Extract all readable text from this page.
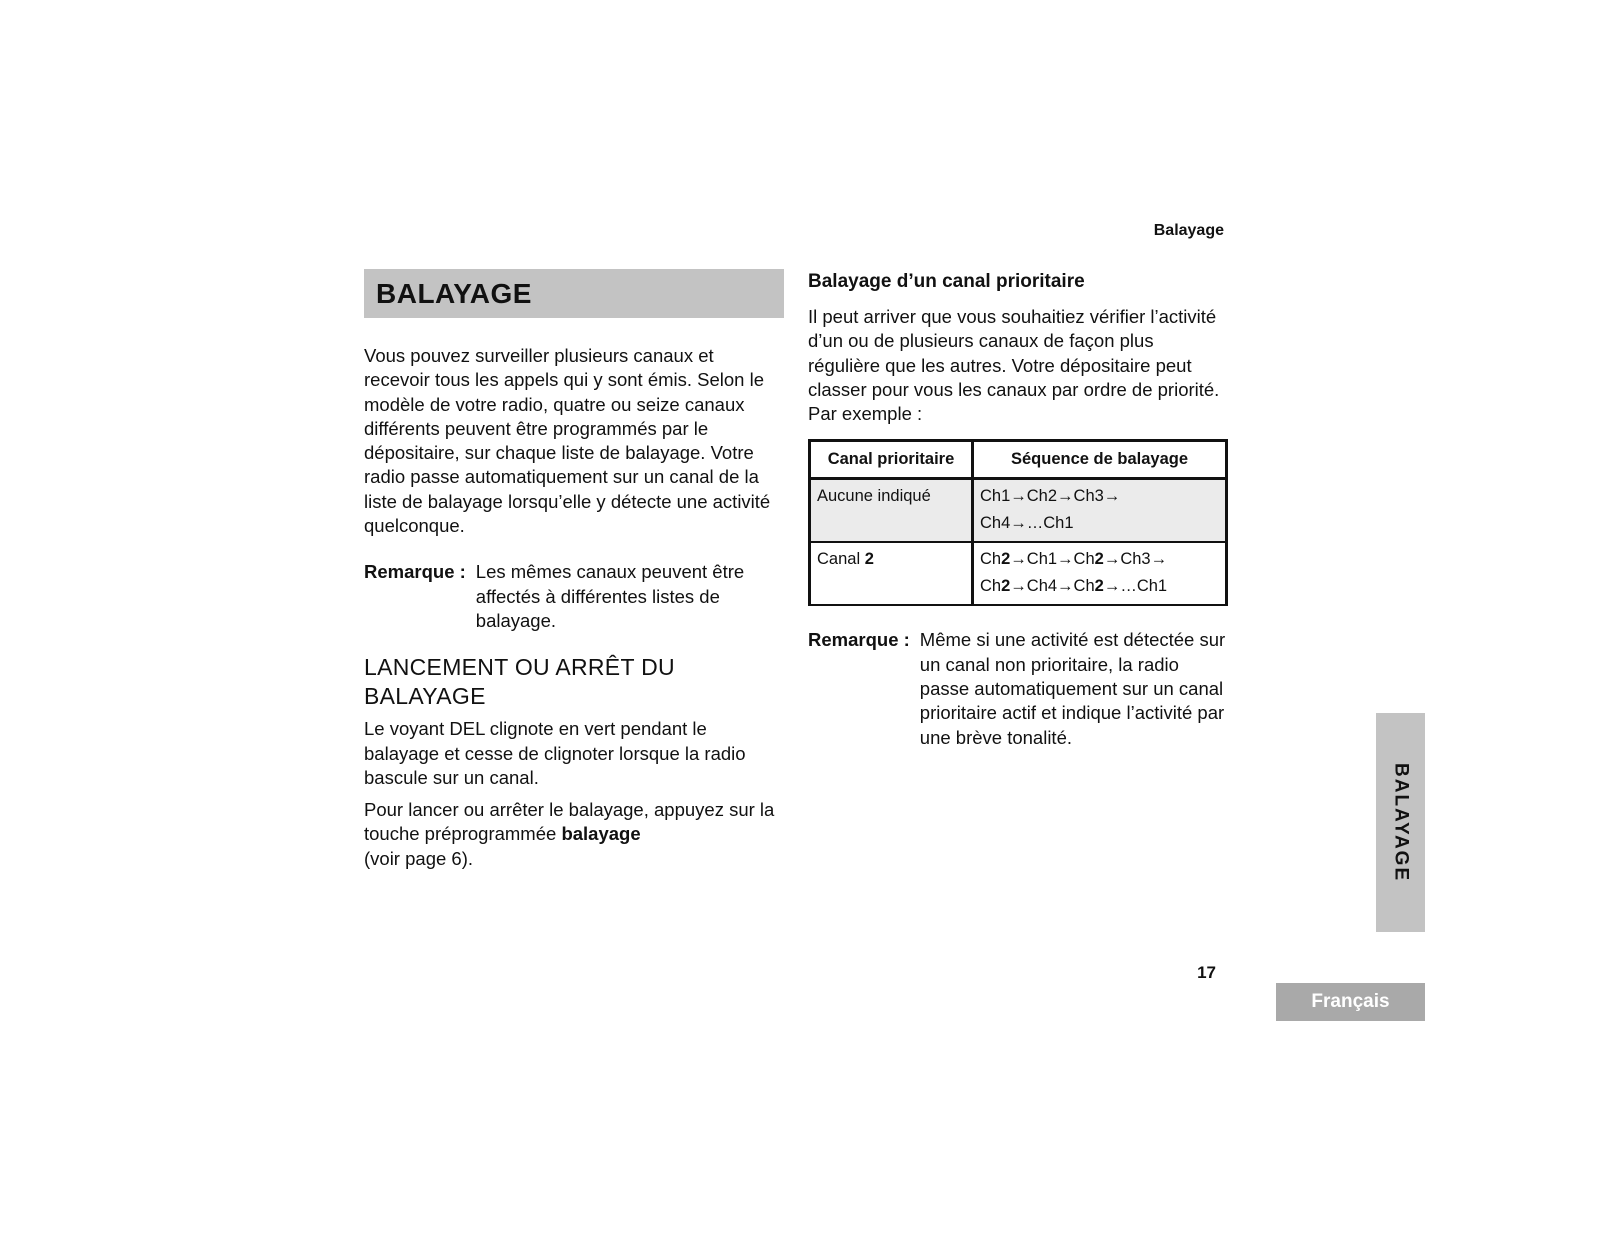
Balayage
BALAYAGE

Vous pouvez surveiller plusieurs canaux et recevoir tous les appels qui y sont émis. Selon le modèle de votre radio, quatre ou seize canaux différents peuvent être programmés par le dépositaire, sur chaque liste de balayage. Votre radio passe automatiquement sur un canal de la liste de balayage lorsqu’elle y détecte une activité quelconque.

Remarque : Les mêmes canaux peuvent être affectés à différentes listes de balayage.
LANCEMENT OU ARRÊT DU BALAYAGE

Le voyant DEL clignote en vert pendant le balayage et cesse de clignoter lorsque la radio bascule sur un canal.

Pour lancer ou arrêter le balayage, appuyez sur la touche préprogrammée balayage
(voir page 6).

Balayage d’un canal prioritaire

Il peut arriver que vous souhaitiez vérifier l’activité d’un ou de plusieurs canaux de façon plus régulière que les autres. Votre dépositaire peut classer pour vous les canaux par ordre de priorité. Par exemple :

Canal prioritaire	Séquence de balayage
Aucune indiqué	Ch1→Ch2→Ch3→
Ch4→…Ch1

Canal 2	Ch2→Ch1→Ch2→Ch3→
Ch2→Ch4→Ch2→…Ch1
Remarque : Même si une activité est détectée sur un canal non prioritaire, la radio passe automatiquement sur un canal prioritaire actif et indique l’activité par une brève tonalité.
BALAYAGE
17
Français
